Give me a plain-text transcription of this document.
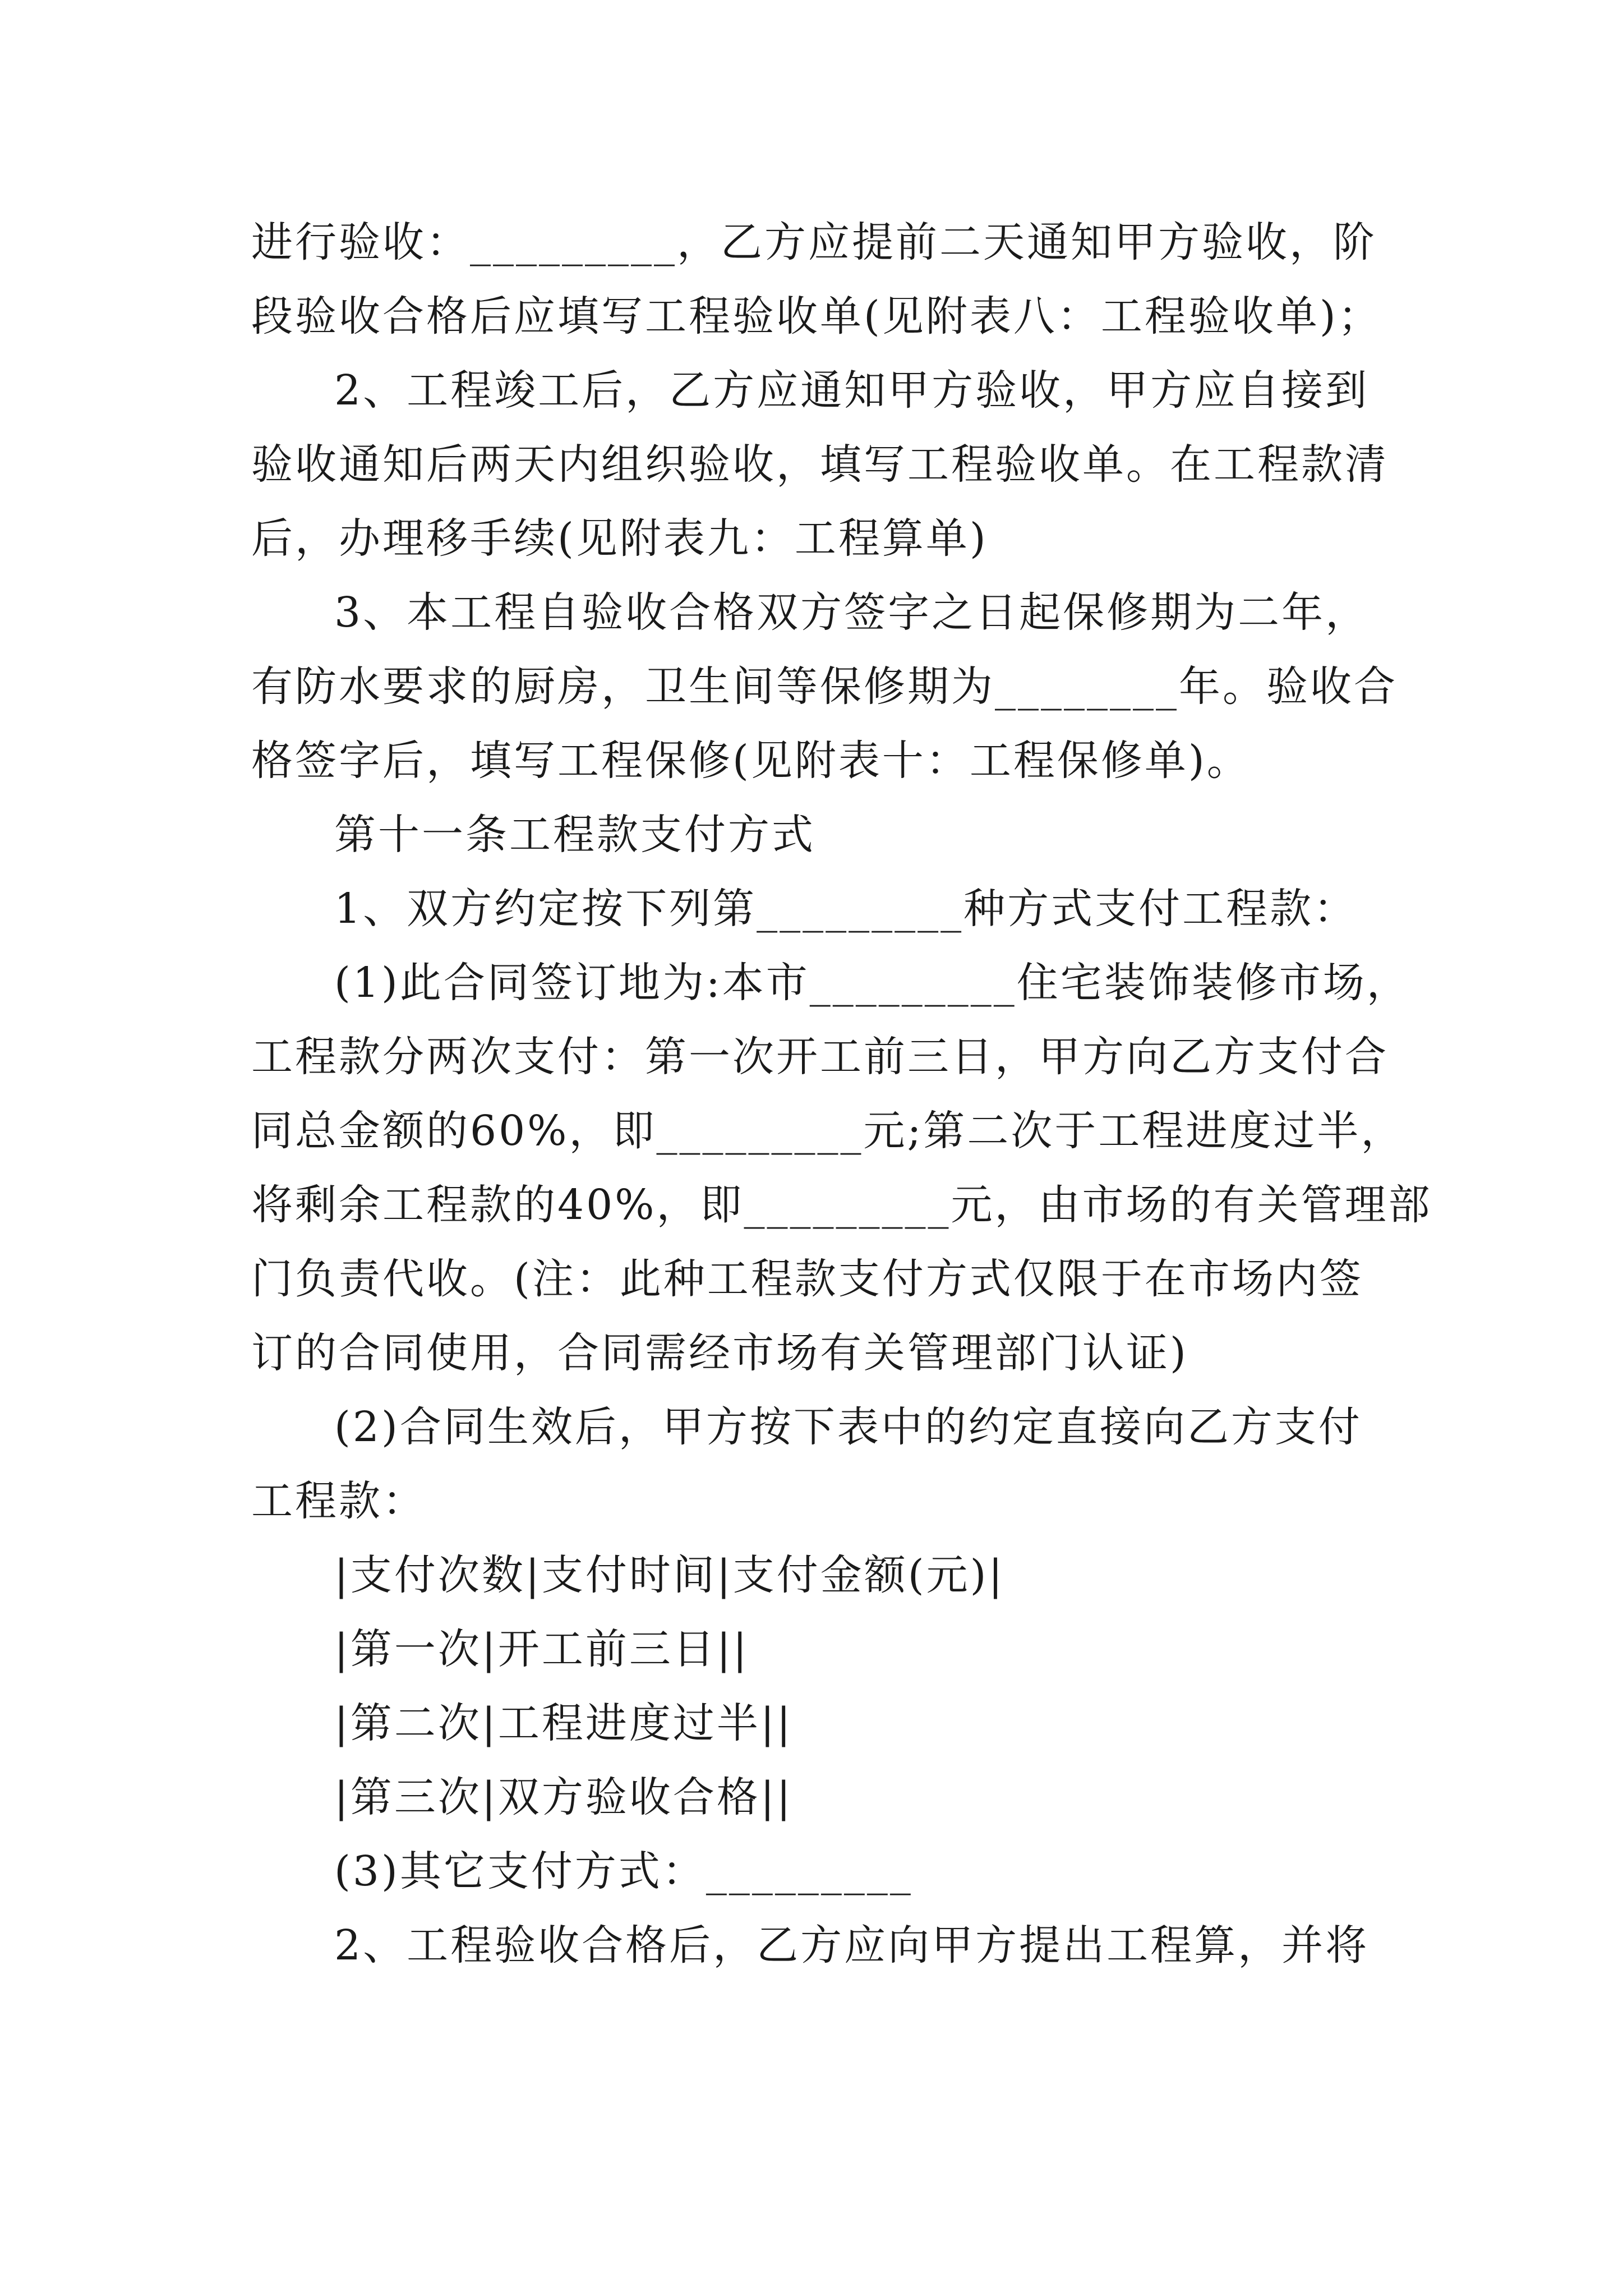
进行验收：_________，乙方应提前二天通知甲方验收，阶
段验收合格后应填写工程验收单(见附表八：工程验收单)；
2、工程竣工后，乙方应通知甲方验收，甲方应自接到
验收通知后两天内组织验收，填写工程验收单。在工程款清
后，办理移手续(见附表九：工程算单)
3、本工程自验收合格双方签字之日起保修期为二年，
有防水要求的厨房，卫生间等保修期为________年。验收合
格签字后，填写工程保修(见附表十：工程保修单)。
第十一条工程款支付方式
1、双方约定按下列第_________种方式支付工程款：
(1)此合同签订地为:本市_________住宅装饰装修市场，
工程款分两次支付：第一次开工前三日，甲方向乙方支付合
同总金额的60%，即_________元;第二次于工程进度过半，
将剩余工程款的40%，即_________元，由市场的有关管理部
门负责代收。(注：此种工程款支付方式仅限于在市场内签
订的合同使用，合同需经市场有关管理部门认证)
(2)合同生效后，甲方按下表中的约定直接向乙方支付
工程款：
|支付次数|支付时间|支付金额(元)|
|第一次|开工前三日||
|第二次|工程进度过半||
|第三次|双方验收合格||
(3)其它支付方式：_________
2、工程验收合格后，乙方应向甲方提出工程算，并将
